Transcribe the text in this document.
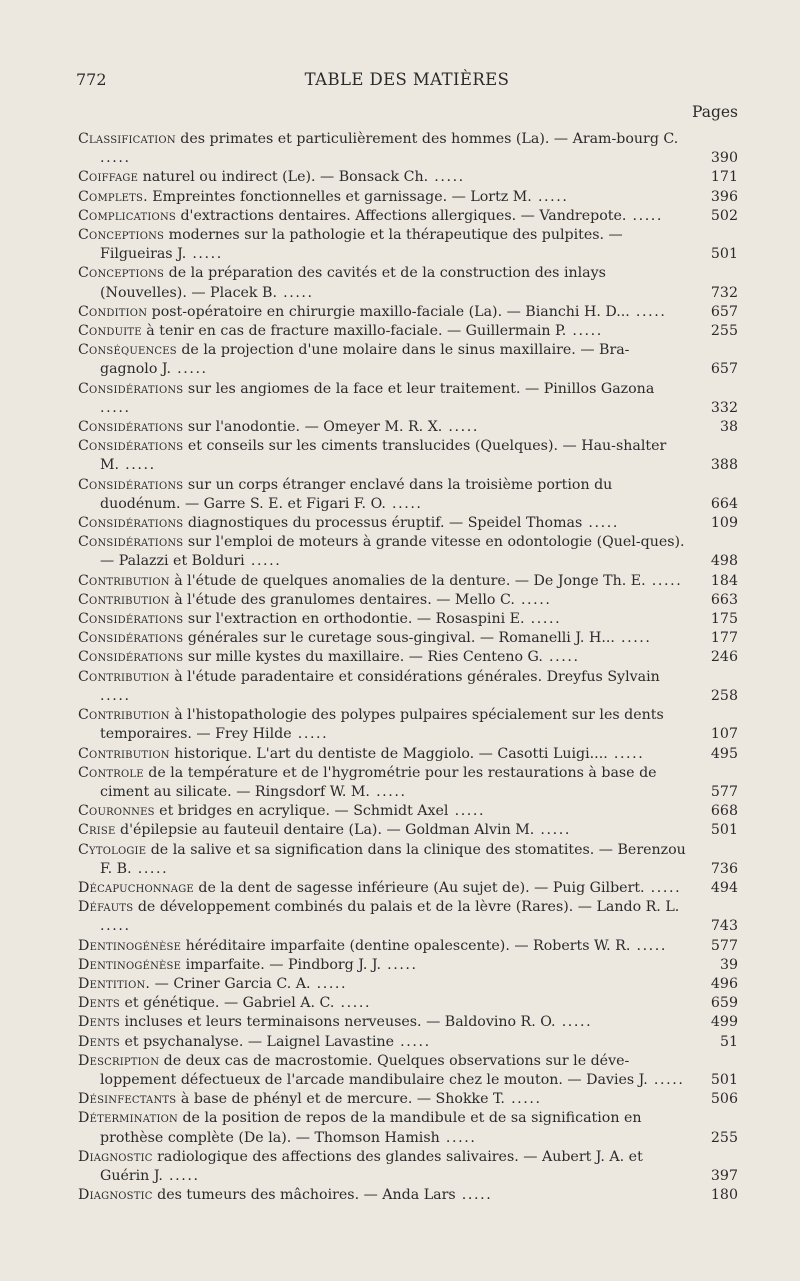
772	TABLE DES MATIÈRES
Pages
Classification des primates et particulièrement des hommes (La). — Aram-bourg C. .....	390
Coiffage naturel ou indirect (Le). — Bonsack Ch. .....	171
Complets. Empreintes fonctionnelles et garnissage. — Lortz M. .....	396
Complications d'extractions dentaires. Affections allergiques. — Vandrepote. .....	502
Conceptions modernes sur la pathologie et la thérapeutique des pulpites. — Filgueiras J. .....	501
Conceptions de la préparation des cavités et de la construction des inlays (Nouvelles). — Placek B. .....	732
Condition post-opératoire en chirurgie maxillo-faciale (La). — Bianchi H. D... .....	657
Conduite à tenir en cas de fracture maxillo-faciale. — Guillermain P. .....	255
Conséquences de la projection d'une molaire dans le sinus maxillaire. — Bra-gagnolo J. .....	657
Considérations sur les angiomes de la face et leur traitement. — Pinillos Gazona .....	332
Considérations sur l'anodontie. — Omeyer M. R. X. .....	38
Considérations et conseils sur les ciments translucides (Quelques). — Hau-shalter M. .....	388
Considérations sur un corps étranger enclavé dans la troisième portion du duodénum. — Garre S. E. et Figari F. O. .....	664
Considérations diagnostiques du processus éruptif. — Speidel Thomas .....	109
Considérations sur l'emploi de moteurs à grande vitesse en odontologie (Quel-ques). — Palazzi et Bolduri .....	498
Contribution à l'étude de quelques anomalies de la denture. — De Jonge Th. E. .....	184
Contribution à l'étude des granulomes dentaires. — Mello C. .....	663
Considérations sur l'extraction en orthodontie. — Rosaspini E. .....	175
Considérations générales sur le curetage sous-gingival. — Romanelli J. H... .....	177
Considérations sur mille kystes du maxillaire. — Ries Centeno G. .....	246
Contribution à l'étude paradentaire et considérations générales. Dreyfus Sylvain .....	258
Contribution à l'histopathologie des polypes pulpaires spécialement sur les dents temporaires. — Frey Hilde .....	107
Contribution historique. L'art du dentiste de Maggiolo. — Casotti Luigi.... .....	495
Controle de la température et de l'hygrométrie pour les restaurations à base de ciment au silicate. — Ringsdorf W. M. .....	577
Couronnes et bridges en acrylique. — Schmidt Axel .....	668
Crise d'épilepsie au fauteuil dentaire (La). — Goldman Alvin M. .....	501
Cytologie de la salive et sa signification dans la clinique des stomatites. — Berenzou F. B. .....	736
Décapuchonnage de la dent de sagesse inférieure (Au sujet de). — Puig Gilbert. .....	494
Défauts de développement combinés du palais et de la lèvre (Rares). — Lando R. L. .....	743
Dentinogénèse héréditaire imparfaite (dentine opalescente). — Roberts W. R. .....	577
Dentinogénèse imparfaite. — Pindborg J. J. .....	39
Dentition. — Criner Garcia C. A. .....	496
Dents et génétique. — Gabriel A. C. .....	659
Dents incluses et leurs terminaisons nerveuses. — Baldovino R. O. .....	499
Dents et psychanalyse. — Laignel Lavastine .....	51
Description de deux cas de macrostomie. Quelques observations sur le déve-loppement défectueux de l'arcade mandibulaire chez le mouton. — Davies J. .....	501
Désinfectants à base de phényl et de mercure. — Shokke T. .....	506
Détermination de la position de repos de la mandibule et de sa signification en prothèse complète (De la). — Thomson Hamish .....	255
Diagnostic radiologique des affections des glandes salivaires. — Aubert J. A. et Guérin J. .....	397
Diagnostic des tumeurs des mâchoires. — Anda Lars .....	180
